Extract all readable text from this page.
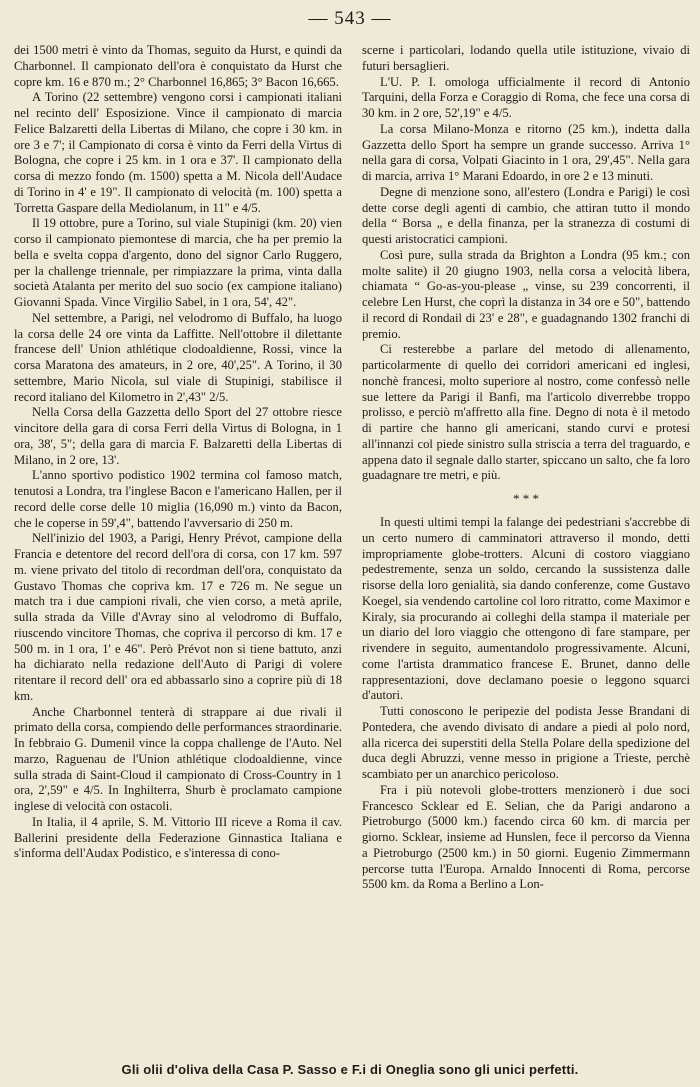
— 543 —

dei 1500 metri è vinto da Thomas, seguito da Hurst, e quindi da Charbonnel. Il campionato dell'ora è conquistato da Hurst che copre km. 16 e 870 m.; 2° Charbonnel 16,865; 3° Bacon 16,665.

A Torino (22 settembre) vengono corsi i campionati italiani nel recinto dell' Esposizione. Vince il campionato di marcia Felice Balzaretti della Libertas di Milano, che copre i 30 km. in ore 3 e 7'; il Campionato di corsa è vinto da Ferri della Virtus di Bologna, che copre i 25 km. in 1 ora e 37'. Il campionato della corsa di mezzo fondo (m. 1500) spetta a M. Nicola dell'Audace di Torino in 4' e 19". Il campionato di velocità (m. 100) spetta a Torretta Gaspare della Mediolanum, in 11" e 4/5.

Il 19 ottobre, pure a Torino, sul viale Stupinigi (km. 20) vien corso il campionato piemontese di marcia, che ha per premio la bella e svelta coppa d'argento, dono del signor Carlo Ruggero, per la challenge triennale, per rimpiazzare la prima, vinta dalla società Atalanta per merito del suo socio (ex campione italiano) Giovanni Spada. Vince Virgilio Sabel, in 1 ora, 54', 42".

Nel settembre, a Parigi, nel velodromo di Buffalo, ha luogo la corsa delle 24 ore vinta da Laffitte. Nell'ottobre il dilettante francese dell' Union athlétique clodoaldienne, Rossi, vince la corsa Maratona des amateurs, in 2 ore, 40',25". A Torino, il 30 settembre, Mario Nicola, sul viale di Stupinigi, stabilisce il record italiano del Kilometro in 2',43" 2/5.

Nella Corsa della Gazzetta dello Sport del 27 ottobre riesce vincitore della gara di corsa Ferri della Virtus di Bologna, in 1 ora, 38', 5"; della gara di marcia F. Balzaretti della Libertas di Milano, in 2 ore, 13'.

L'anno sportivo podistico 1902 termina col famoso match, tenutosi a Londra, tra l'inglese Bacon e l'americano Hallen, per il record delle corse delle 10 miglia (16,090 m.) vinto da Bacon, che le coperse in 59',4", battendo l'avversario di 250 m.

Nell'inizio del 1903, a Parigi, Henry Prévot, campione della Francia e detentore del record dell'ora di corsa, con 17 km. 597 m. viene privato del titolo di recordman dell'ora, conquistato da Gustavo Thomas che copriva km. 17 e 726 m. Ne segue un match tra i due campioni rivali, che vien corso, a metà aprile, sulla strada da Ville d'Avray sino al velodromo di Buffalo, riuscendo vincitore Thomas, che copriva il percorso di km. 17 e 500 m. in 1 ora, 1' e 46". Però Prévot non si tiene battuto, anzi ha dichiarato nella redazione dell'Auto di Parigi di volere ritentare il record dell' ora ed abbassarlo sino a coprire più di 18 km.

Anche Charbonnel tenterà di strappare ai due rivali il primato della corsa, compiendo delle performances straordinarie. In febbraio G. Dumenil vince la coppa challenge de l'Auto. Nel marzo, Raguenau de l'Union athlétique clodoaldienne, vince sulla strada di Saint-Cloud il campionato di Cross-Country in 1 ora, 2',59" e 4/5. In Inghilterra, Shurb è proclamato campione inglese di velocità con ostacoli.

In Italia, il 4 aprile, S. M. Vittorio III riceve a Roma il cav. Ballerini presidente della Federazione Ginnastica Italiana e s'informa dell'Audax Podistico, e s'interessa di cono-

scerne i particolari, lodando quella utile istituzione, vivaio di futuri bersaglieri.

L'U. P. I. omologa ufficialmente il record di Antonio Tarquini, della Forza e Coraggio di Roma, che fece una corsa di 30 km. in 2 ore, 52',19" e 4/5.

La corsa Milano-Monza e ritorno (25 km.), indetta dalla Gazzetta dello Sport ha sempre un grande successo. Arriva 1° nella gara di corsa, Volpati Giacinto in 1 ora, 29',45". Nella gara di marcia, arriva 1° Marani Edoardo, in ore 2 e 13 minuti.

Degne di menzione sono, all'estero (Londra e Parigi) le così dette corse degli agenti di cambio, che attiran tutto il mondo della “ Borsa „ e della finanza, per la stranezza di costumi di questi aristocratici campioni.

Così pure, sulla strada da Brighton a Londra (95 km.; con molte salite) il 20 giugno 1903, nella corsa a velocità libera, chiamata “ Go-as-you-please „ vinse, su 239 concorrenti, il celebre Len Hurst, che coprì la distanza in 34 ore e 50", battendo il record di Rondail di 23' e 28", e guadagnando 1302 franchi di premio.

Ci resterebbe a parlare del metodo di allenamento, particolarmente di quello dei corridori americani ed inglesi, nonchè francesi, molto superiore al nostro, come confessò nelle sue lettere da Parigi il Banfi, ma l'articolo diverrebbe troppo prolisso, e perciò m'affretto alla fine. Degno di nota è il metodo di partire che hanno gli americani, stando curvi e protesi all'innanzi col piede sinistro sulla striscia a terra del traguardo, e appena dato il segnale dallo starter, spiccano un salto, che fa loro guadagnare tre metri, e più.

* * *

In questi ultimi tempi la falange dei pedestriani s'accrebbe di un certo numero di camminatori attraverso il mondo, detti impropriamente globe-trotters. Alcuni di costoro viaggiano pedestremente, senza un soldo, cercando la sussistenza dalle risorse della loro genialità, sia dando conferenze, come Gustavo Koegel, sia vendendo cartoline col loro ritratto, come Maximor e Kiraly, sia procurando ai colleghi della stampa il materiale per un diario del loro viaggio che ottengono di fare stampare, per rivendere in seguito, aumentandolo progressivamente. Alcuni, come l'artista drammatico francese E. Brunet, danno delle rappresentazioni, dove declamano poesie o leggono squarci d'autori.

Tutti conoscono le peripezie del podista Jesse Brandani di Pontedera, che avendo divisato di andare a piedi al polo nord, alla ricerca dei superstiti della Stella Polare della spedizione del duca degli Abruzzi, venne messo in prigione a Trieste, perchè scambiato per un anarchico pericoloso.

Fra i più notevoli globe-trotters menzionerò i due soci Francesco Scklear ed E. Selian, che da Parigi andarono a Pietroburgo (5000 km.) facendo circa 60 km. di marcia per giorno. Scklear, insieme ad Hunslen, fece il percorso da Vienna a Pietroburgo (2500 km.) in 50 giorni. Eugenio Zimmermann percorse tutta l'Europa. Arnaldo Innocenti di Roma, percorse 5500 km. da Roma a Berlino a Lon-

Gli olii d'oliva della Casa P. Sasso e F.i di Oneglia sono gli unici perfetti.
